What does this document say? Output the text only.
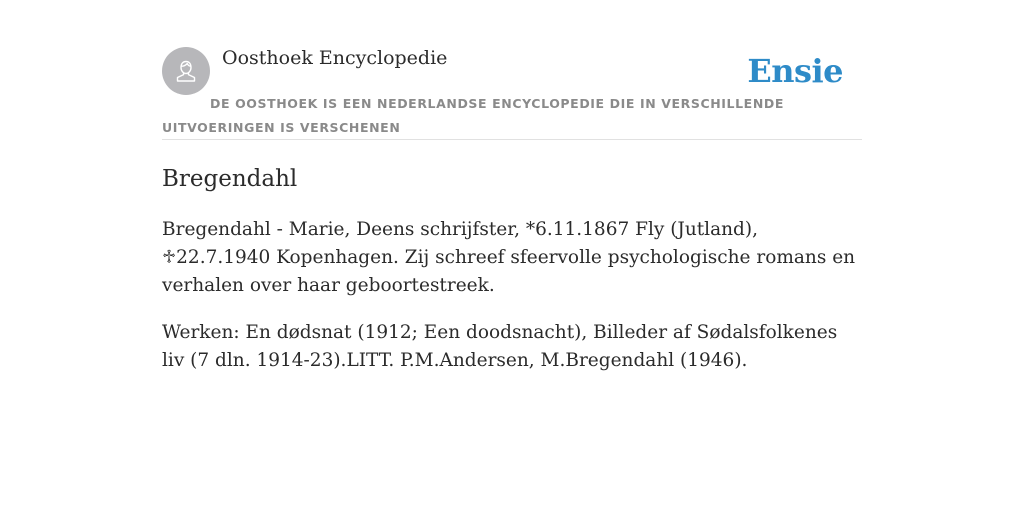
Oosthoek Encyclopedie	Ensie

DE OOSTHOEK IS EEN NEDERLANDSE ENCYCLOPEDIE DIE IN VERSCHILLENDE UITVOERINGEN IS VERSCHENEN

Bregendahl

Bregendahl - Marie, Deens schrijfster, *6.11.1867 Fly (Jutland), ♱22.7.1940 Kopenhagen. Zij schreef sfeervolle psychologische romans en verhalen over haar geboortestreek.

Werken: En dødsnat (1912; Een doodsnacht), Billeder af Sødalsfolkenes liv (7 dln. 1914-23).LITT. P.M.Andersen, M.Bregendahl (1946).
